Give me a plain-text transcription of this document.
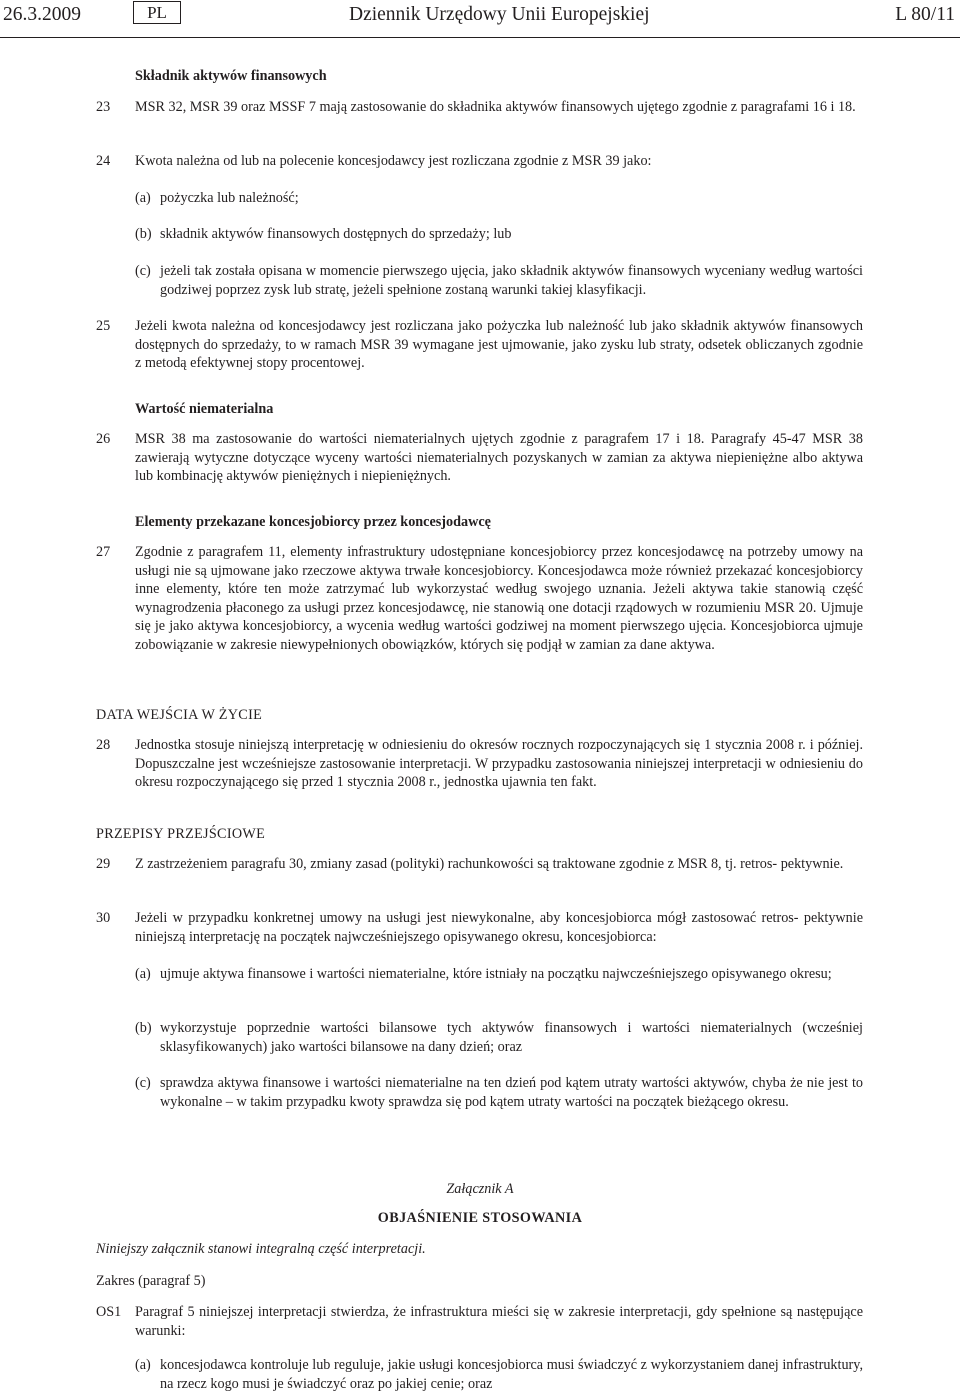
26.3.2009	PL	Dziennik Urzędowy Unii Europejskiej	L 80/11
Składnik aktywów finansowych
23 MSR 32, MSR 39 oraz MSSF 7 mają zastosowanie do składnika aktywów finansowych ujętego zgodnie z paragrafami 16 i 18.
24 Kwota należna od lub na polecenie koncesjodawcy jest rozliczana zgodnie z MSR 39 jako:
(a) pożyczka lub należność;
(b) składnik aktywów finansowych dostępnych do sprzedaży; lub
(c) jeżeli tak została opisana w momencie pierwszego ujęcia, jako składnik aktywów finansowych wyceniany według wartości godziwej poprzez zysk lub stratę, jeżeli spełnione zostaną warunki takiej klasyfikacji.
25 Jeżeli kwota należna od koncesjodawcy jest rozliczana jako pożyczka lub należność lub jako składnik aktywów finansowych dostępnych do sprzedaży, to w ramach MSR 39 wymagane jest ujmowanie, jako zysku lub straty, odsetek obliczanych zgodnie z metodą efektywnej stopy procentowej.
Wartość niematerialna
26 MSR 38 ma zastosowanie do wartości niematerialnych ujętych zgodnie z paragrafem 17 i 18. Paragrafy 45-47 MSR 38 zawierają wytyczne dotyczące wyceny wartości niematerialnych pozyskanych w zamian za aktywa niepieniężne albo aktywa lub kombinację aktywów pieniężnych i niepieniężnych.
Elementy przekazane koncesjobiorcy przez koncesjodawcę
27 Zgodnie z paragrafem 11, elementy infrastruktury udostępniane koncesjobiorcy przez koncesjodawcę na potrzeby umowy na usługi nie są ujmowane jako rzeczowe aktywa trwałe koncesjobiorcy. Koncesjodawca może również przekazać koncesjobiorcy inne elementy, które ten może zatrzymać lub wykorzystać według swojego uznania. Jeżeli aktywa takie stanowią część wynagrodzenia płaconego za usługi przez koncesjodawcę, nie stanowią one dotacji rządowych w rozumieniu MSR 20. Ujmuje się je jako aktywa koncesjobiorcy, a wycenia według wartości godziwej na moment pierwszego ujęcia. Koncesjobiorca ujmuje zobowiązanie w zakresie niewypełnionych obowiązków, których się podjął w zamian za dane aktywa.
DATA WEJŚCIA W ŻYCIE
28 Jednostka stosuje niniejszą interpretację w odniesieniu do okresów rocznych rozpoczynających się 1 stycznia 2008 r. i później. Dopuszczalne jest wcześniejsze zastosowanie interpretacji. W przypadku zastosowania niniejszej interpretacji w odniesieniu do okresu rozpoczynającego się przed 1 stycznia 2008 r., jednostka ujawnia ten fakt.
PRZEPISY PRZEJŚCIOWE
29 Z zastrzeżeniem paragrafu 30, zmiany zasad (polityki) rachunkowości są traktowane zgodnie z MSR 8, tj. retros- pektywnie.
30 Jeżeli w przypadku konkretnej umowy na usługi jest niewykonalne, aby koncesjobiorca mógł zastosować retros- pektywnie niniejszą interpretację na początek najwcześniejszego opisywanego okresu, koncesjobiorca:
(a) ujmuje aktywa finansowe i wartości niematerialne, które istniały na początku najwcześniejszego opisywanego okresu;
(b) wykorzystuje poprzednie wartości bilansowe tych aktywów finansowych i wartości niematerialnych (wcześniej sklasyfikowanych) jako wartości bilansowe na dany dzień; oraz
(c) sprawdza aktywa finansowe i wartości niematerialne na ten dzień pod kątem utraty wartości aktywów, chyba że nie jest to wykonalne – w takim przypadku kwoty sprawdza się pod kątem utraty wartości na początek bieżącego okresu.
Załącznik A
OBJAŚNIENIE STOSOWANIA
Niniejszy załącznik stanowi integralną część interpretacji.
Zakres (paragraf 5)
OS1 Paragraf 5 niniejszej interpretacji stwierdza, że infrastruktura mieści się w zakresie interpretacji, gdy spełnione są następujące warunki:
(a) koncesjodawca kontroluje lub reguluje, jakie usługi koncesjobiorca musi świadczyć z wykorzystaniem danej infrastruktury, na rzecz kogo musi je świadczyć oraz po jakiej cenie; oraz
